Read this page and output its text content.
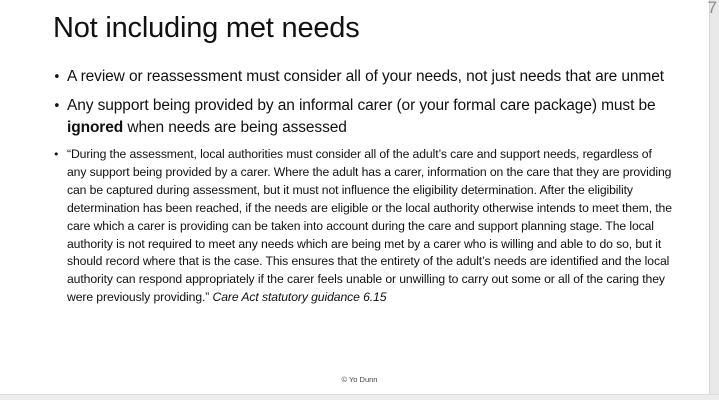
7
Not including met needs
• A review or reassessment must consider all of your needs, not just needs that are unmet
• Any support being provided by an informal carer (or your formal care package) must be ignored when needs are being assessed
• “During the assessment, local authorities must consider all of the adult’s care and support needs, regardless of any support being provided by a carer. Where the adult has a carer, information on the care that they are providing can be captured during assessment, but it must not influence the eligibility determination. After the eligibility determination has been reached, if the needs are eligible or the local authority otherwise intends to meet them, the care which a carer is providing can be taken into account during the care and support planning stage. The local authority is not required to meet any needs which are being met by a carer who is willing and able to do so, but it should record where that is the case. This ensures that the entirety of the adult’s needs are identified and the local authority can respond appropriately if the carer feels unable or unwilling to carry out some or all of the caring they were previously providing.” Care Act statutory guidance 6.15
© Yo Dunn
